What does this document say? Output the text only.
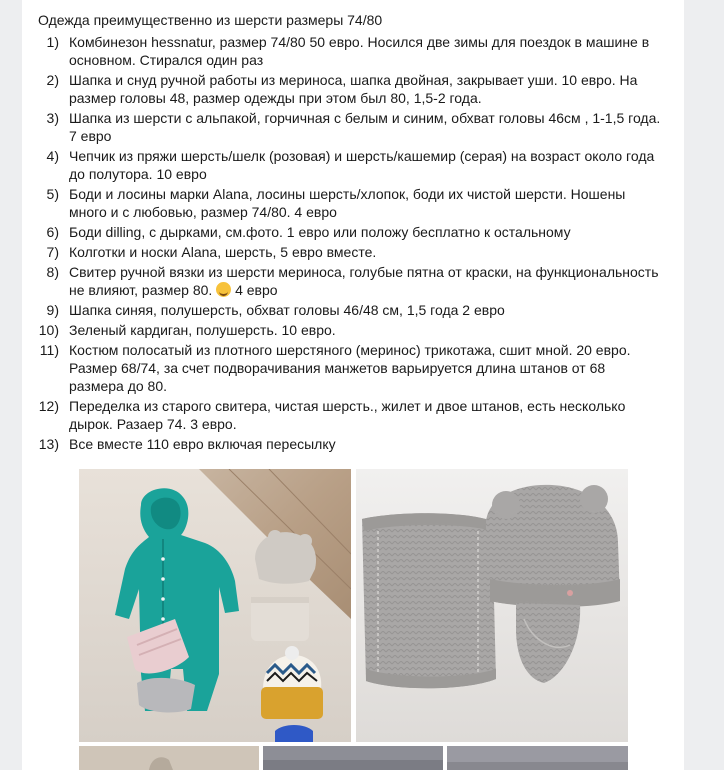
Одежда преимущественно из шерсти размеры 74/80
1) Комбинезон hessnatur, размер 74/80 50 евро. Носился две зимы для поездок в машине в основном. Стирался один раз
2) Шапка и снуд ручной работы из мериноса, шапка двойная, закрывает уши. 10 евро. На размер головы 48, размер одежды при этом был 80, 1,5-2 года.
3) Шапка из шерсти с альпакой, горчичная с белым и синим, обхват головы 46см , 1-1,5 года. 7 евро
4) Чепчик из пряжи шерсть/шелк (розовая) и шерсть/кашемир (серая) на возраст около года до полутора. 10 евро
5) Боди и лосины марки Alana, лосины шерсть/хлопок, боди их чистой шерсти. Ношены много и с любовью, размер 74/80. 4 евро
6) Боди dilling, с дырками, см.фото. 1 евро или положу бесплатно к остальному
7) Колготки и носки Alana, шерсть, 5 евро вместе.
8) Свитер ручной вязки из шерсти мериноса, голубые пятна от краски, на функциональность не влияют, размер 80.  4 евро
9) Шапка синяя, полушерсть, обхват головы 46/48 см, 1,5 года 2 евро
10) Зеленый кардиган, полушерсть. 10 евро.
11) Костюм полосатый из плотного шерстяного (меринос) трикотажа, сшит мной. 20 евро. Размер 68/74, за счет подворачивания манжетов варьируется длина штанов от 68 размера до 80.
12) Переделка из старого свитера, чистая шерсть., жилет и двое штанов, есть несколько дырок. Разаер 74. 3 евро.
13) Все вместе 110 евро включая пересылку
